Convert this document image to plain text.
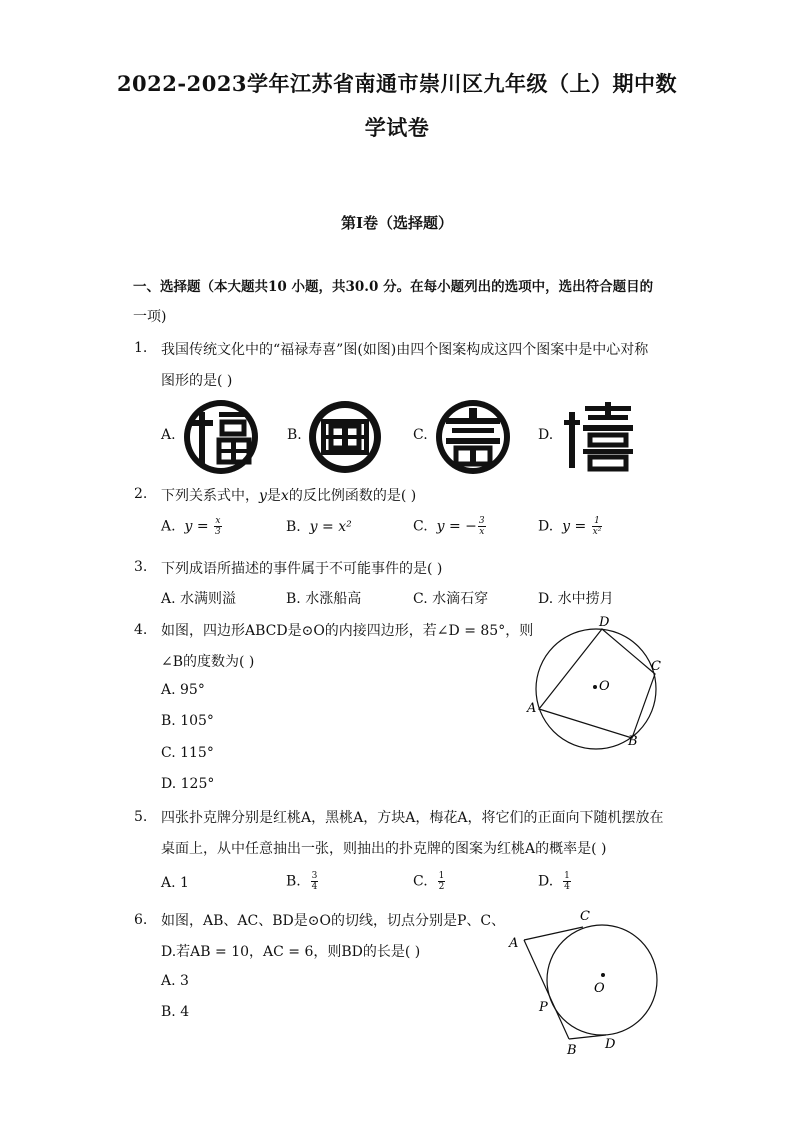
2022-2023学年江苏省南通市崇川区九年级（上）期中数
学试卷
第I卷（选择题）
一、选择题（本大题共10 小题，共30.0 分。在每小题列出的选项中，选出符合题目的
一项)
1. 我国传统文化中的“福禄寿喜”图(如图)由四个图案构成这四个图案中是中心对称
图形的是( )
A.	B.	C.	D.
2. 下列关系式中，y是x的反比例函数的是( )
A. $y = \frac{x}{3}$	B. y = x²	C. y = − $\frac{3}{x}$	D. $y = \frac{1}{\text{x²}}$
3. 下列成语所描述的事件属于不可能事件的是( )
A. 水满则溢	B. 水涨船高	C. 水滴石穿	D. 水中捞月
4. 如图，四边形ABCD是⊙O的内接四边形，若∠D = 85°，则
∠B的度数为( )
A. 95°
B. 105°
C. 115°
D. 125°
O
A
D
C
B
5. 四张扑克牌分别是红桃A，黑桃A，方块A，梅花A，将它们的正面向下随机摆放在
桌面上，从中任意抽出一张，则抽出的扑克牌的图案为红桃A的概率是( )
A. 1	B. $\frac{3}{4}$	C. $\frac{1}{2}$	D. $\frac{1}{4}$
6. 如图，AB、AC、BD是⊙O的切线，切点分别是P、C、
D.若AB = 10，AC = 6，则BD的长是( )
A. 3
B. 4
O
A
C
P
B D
